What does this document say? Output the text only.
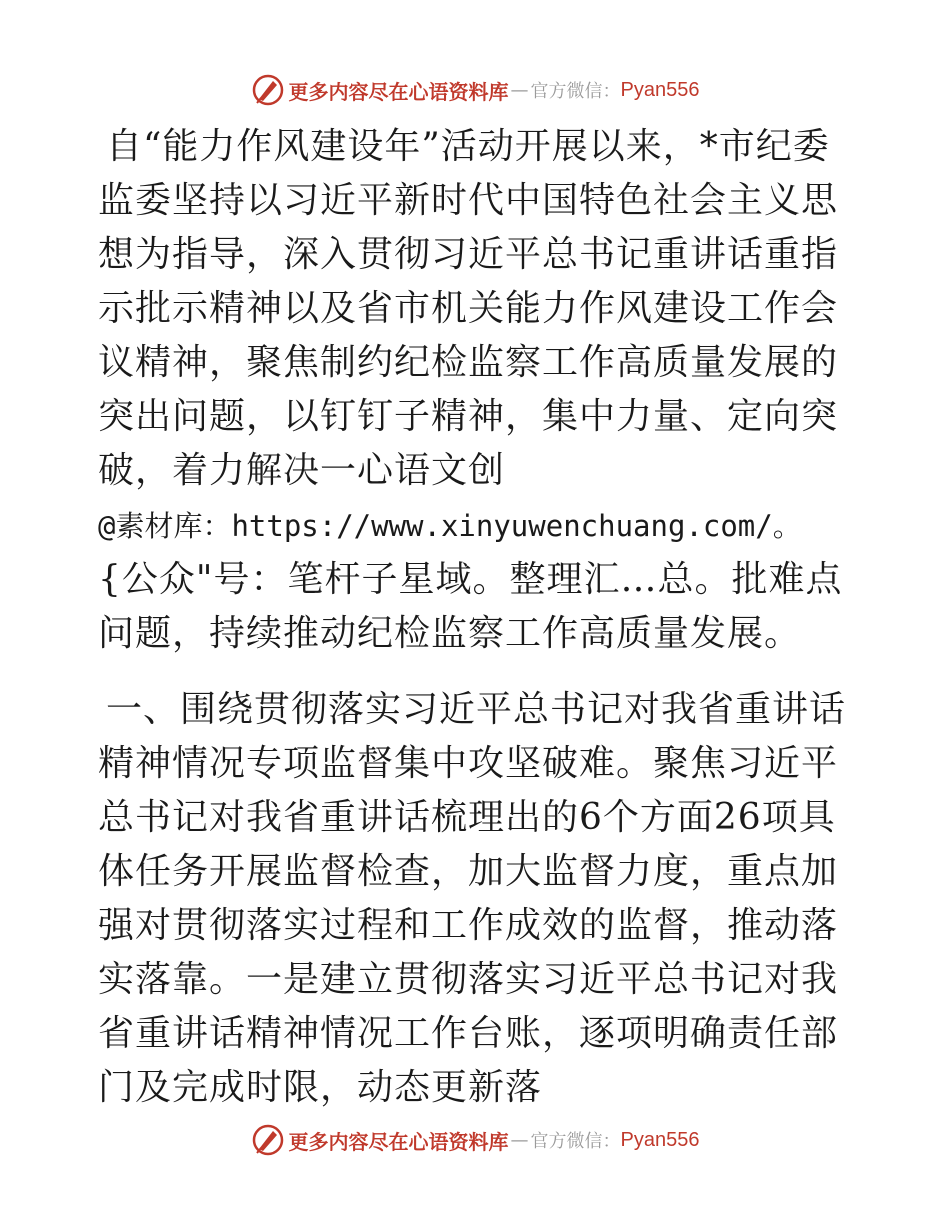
更多内容尽在心语资料库 — 官方微信： Pyan556

自“能力作风建设年”活动开展以来，*市纪委监委坚持以习近平新时代中国特色社会主义思想为指导，深入贯彻习近平总书记重讲话重指示批示精神以及省市机关能力作风建设工作会议精神，聚焦制约纪检监察工作高质量发展的突出问题，以钉钉子精神，集中力量、定向突破，着力解决一心语文创
@素材库：https://www.xinyuwenchuang.com/。
{公众"号：笔杆子星域。整理汇…总。批难点问题，持续推动纪检监察工作高质量发展。

一、围绕贯彻落实习近平总书记对我省重讲话精神情况专项监督集中攻坚破难。聚焦习近平总书记对我省重讲话梳理出的6个方面26项具体任务开展监督检查，加大监督力度，重点加强对贯彻落实过程和工作成效的监督，推动落实落靠。一是建立贯彻落实习近平总书记对我省重讲话精神情况工作台账，逐项明确责任部门及完成时限，动态更新落

更多内容尽在心语资料库 — 官方微信： Pyan556
